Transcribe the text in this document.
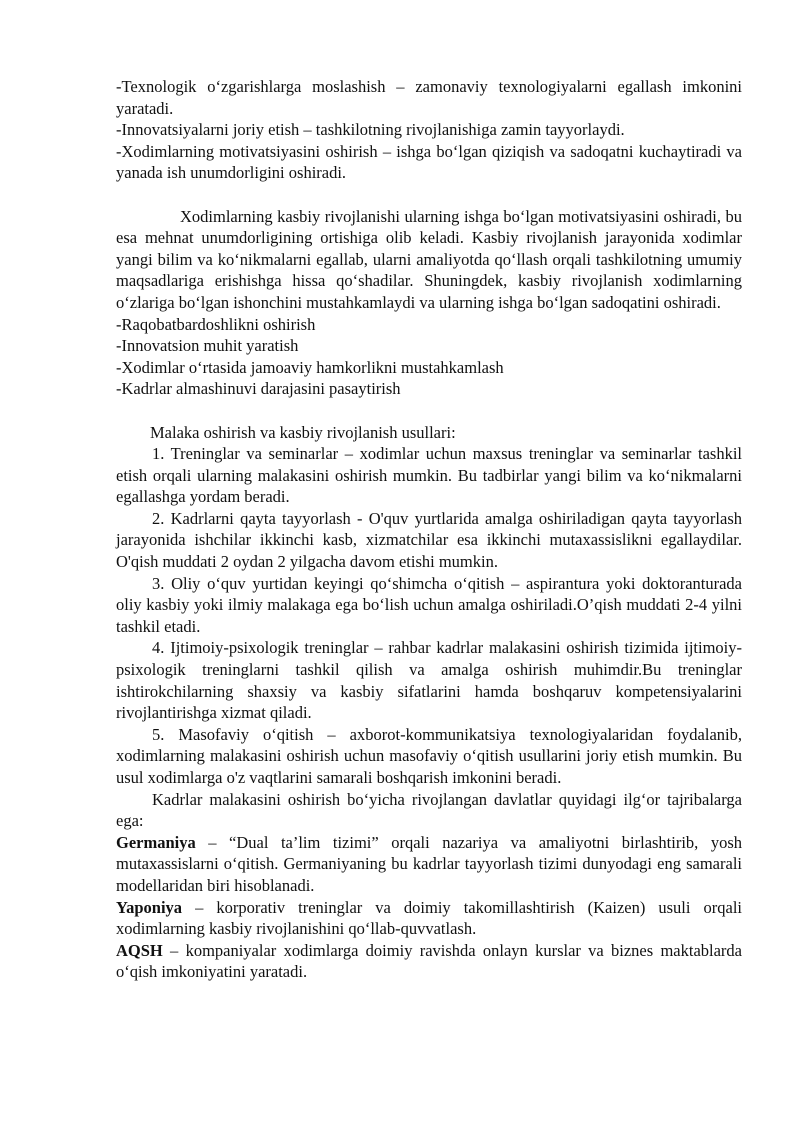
-Texnologik o‘zgarishlarga moslashish – zamonaviy texnologiyalarni egallash imkonini yaratadi.

-Innovatsiyalarni joriy etish – tashkilotning rivojlanishiga zamin tayyorlaydi.

-Xodimlarning motivatsiyasini oshirish – ishga bo‘lgan qiziqish va sadoqatni kuchaytiradi va yanada ish unumdorligini oshiradi.

Xodimlarning kasbiy rivojlanishi ularning ishga bo‘lgan motivatsiyasini oshiradi, bu esa mehnat unumdorligining ortishiga olib keladi. Kasbiy rivojlanish jarayonida xodimlar yangi bilim va ko‘nikmalarni egallab, ularni amaliyotda qo‘llash orqali tashkilotning umumiy maqsadlariga erishishga hissa qo‘shadilar. Shuningdek, kasbiy rivojlanish xodimlarning o‘zlariga bo‘lgan ishonchini mustahkamlaydi va ularning ishga bo‘lgan sadoqatini oshiradi.

-Raqobatbardoshlikni oshirish

-Innovatsion muhit yaratish

-Xodimlar o‘rtasida jamoaviy hamkorlikni mustahkamlash

-Kadrlar almashinuvi darajasini pasaytirish

Malaka oshirish va kasbiy rivojlanish usullari:

1. Treninglar va seminarlar – xodimlar uchun maxsus treninglar va seminarlar tashkil etish orqali ularning malakasini oshirish mumkin. Bu tadbirlar yangi bilim va ko‘nikmalarni egallashga yordam beradi.

2. Kadrlarni qayta tayyorlash - O'quv yurtlarida amalga oshiriladigan qayta tayyorlash jarayonida ishchilar ikkinchi kasb, xizmatchilar esa ikkinchi mutaxassislikni egallaydilar. O'qish muddati 2 oydan 2 yilgacha davom etishi mumkin.

3. Oliy o‘quv yurtidan keyingi qo‘shimcha o‘qitish – aspirantura yoki doktoranturada oliy kasbiy yoki ilmiy malakaga ega bo‘lish uchun amalga oshiriladi.O’qish muddati 2-4 yilni tashkil etadi.

4. Ijtimoiy-psixologik treninglar – rahbar kadrlar malakasini oshirish tizimida ijtimoiy-psixologik treninglarni tashkil qilish va amalga oshirish muhimdir.Bu treninglar ishtirokchilarning shaxsiy va kasbiy sifatlarini hamda boshqaruv kompetensiyalarini rivojlantirishga xizmat qiladi.

5. Masofaviy o‘qitish – axborot-kommunikatsiya texnologiyalaridan foydalanib, xodimlarning malakasini oshirish uchun masofaviy o‘qitish usullarini joriy etish mumkin. Bu usul xodimlarga o'z vaqtlarini samarali boshqarish imkonini beradi.

Kadrlar malakasini oshirish bo‘yicha rivojlangan davlatlar quyidagi ilg‘or tajribalarga ega:

Germaniya – “Dual ta’lim tizimi” orqali nazariya va amaliyotni birlashtirib, yosh mutaxassislarni o‘qitish. Germaniyaning bu kadrlar tayyorlash tizimi dunyodagi eng samarali modellaridan biri hisoblanadi.

Yaponiya – korporativ treninglar va doimiy takomillashtirish (Kaizen) usuli orqali xodimlarning kasbiy rivojlanishini qo‘llab-quvvatlash.

AQSH – kompaniyalar xodimlarga doimiy ravishda onlayn kurslar va biznes maktablarda o‘qish imkoniyatini yaratadi.
